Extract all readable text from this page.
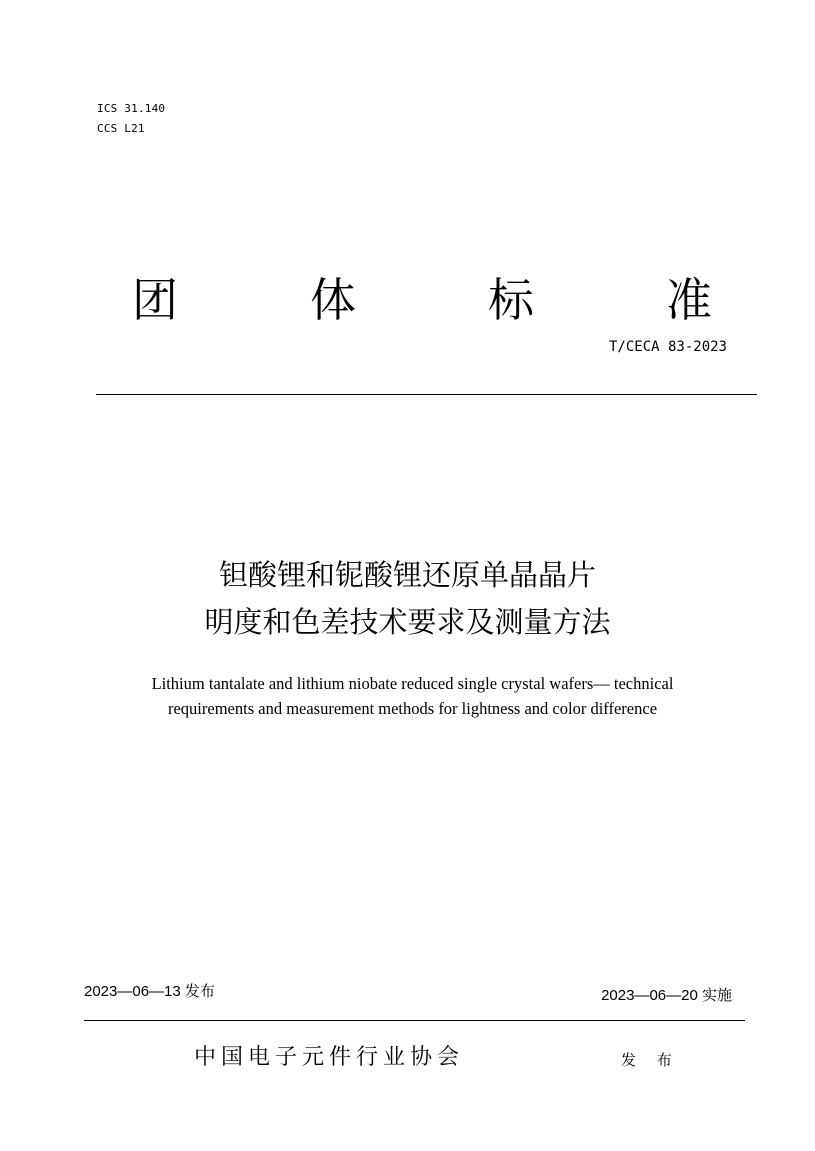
ICS 31.140
CCS L21
团	体	标	准
T/CECA 83-2023
钽酸锂和铌酸锂还原单晶晶片
明度和色差技术要求及测量方法
Lithium tantalate and lithium niobate reduced single crystal wafers— technical
requirements and measurement methods for lightness and color difference
2023—06—13 发布	2023—06—20 实施
中国电子元件行业协会	发 布
